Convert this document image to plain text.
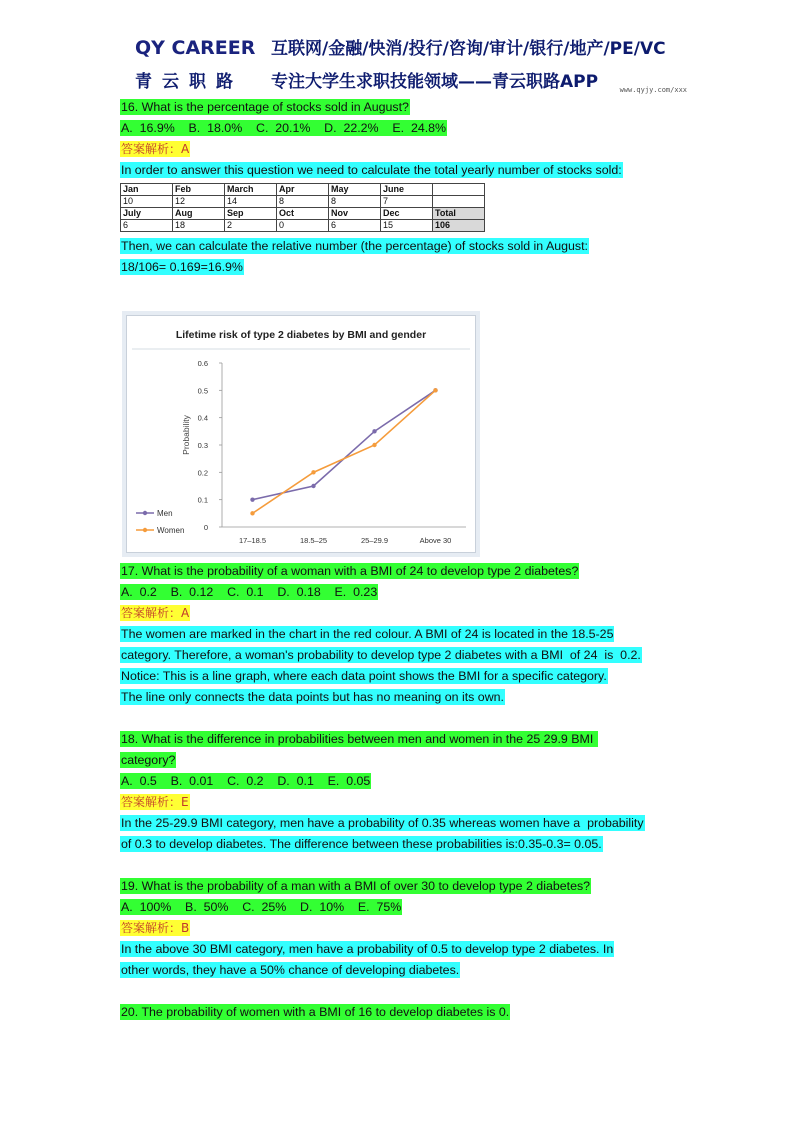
QY CAREER 互联网/金融/快消/投行/咨询/审计/银行/地产/PE/VC
青云职路	专注大学生求职技能领域——青云职路APP	www.qyjy.com/xxx
16. What is the percentage of stocks sold in August?
A.  16.9%    B.  18.0%    C.  20.1%    D.  22.2%    E.  24.8%
答案解析：A
In order to answer this question we need to calculate the total yearly number of stocks sold:
Jan	Feb	March	Apr	May	June	
10	12	14	8	8	7	
July	Aug	Sep	Oct	Nov	Dec	Total
6	18	2	0	6	15	106
Then, we can calculate the relative number (the percentage) of stocks sold in August:
18/106= 0.169=16.9%
Lifetime risk of type 2 diabetes by BMI and gender
Probability
0
0.1
0.2
0.3
0.4
0.5
0.6
17–18.5	18.5–25	25–29.9	Above 30
Men
Women
17. What is the probability of a woman with a BMI of 24 to develop type 2 diabetes?
A.  0.2    B.  0.12    C.  0.1    D.  0.18    E.  0.23
答案解析：A
The women are marked in the chart in the red colour. A BMI of 24 is located in the 18.5-25
category. Therefore, a woman's probability to develop type 2 diabetes with a BMI  of 24  is  0.2.
Notice: This is a line graph, where each data point shows the BMI for a specific category.
The line only connects the data points but has no meaning on its own.
18. What is the difference in probabilities between men and women in the 25 29.9 BMI
category?
A.  0.5    B.  0.01    C.  0.2    D.  0.1    E.  0.05
答案解析：E
In the 25-29.9 BMI category, men have a probability of 0.35 whereas women have a  probability
of 0.3 to develop diabetes. The difference between these probabilities is:0.35-0.3= 0.05.
19. What is the probability of a man with a BMI of over 30 to develop type 2 diabetes?
A.  100%    B.  50%    C.  25%    D.  10%    E.  75%
答案解析：B
In the above 30 BMI category, men have a probability of 0.5 to develop type 2 diabetes. In
other words, they have a 50% chance of developing diabetes.
20. The probability of women with a BMI of 16 to develop diabetes is 0.
